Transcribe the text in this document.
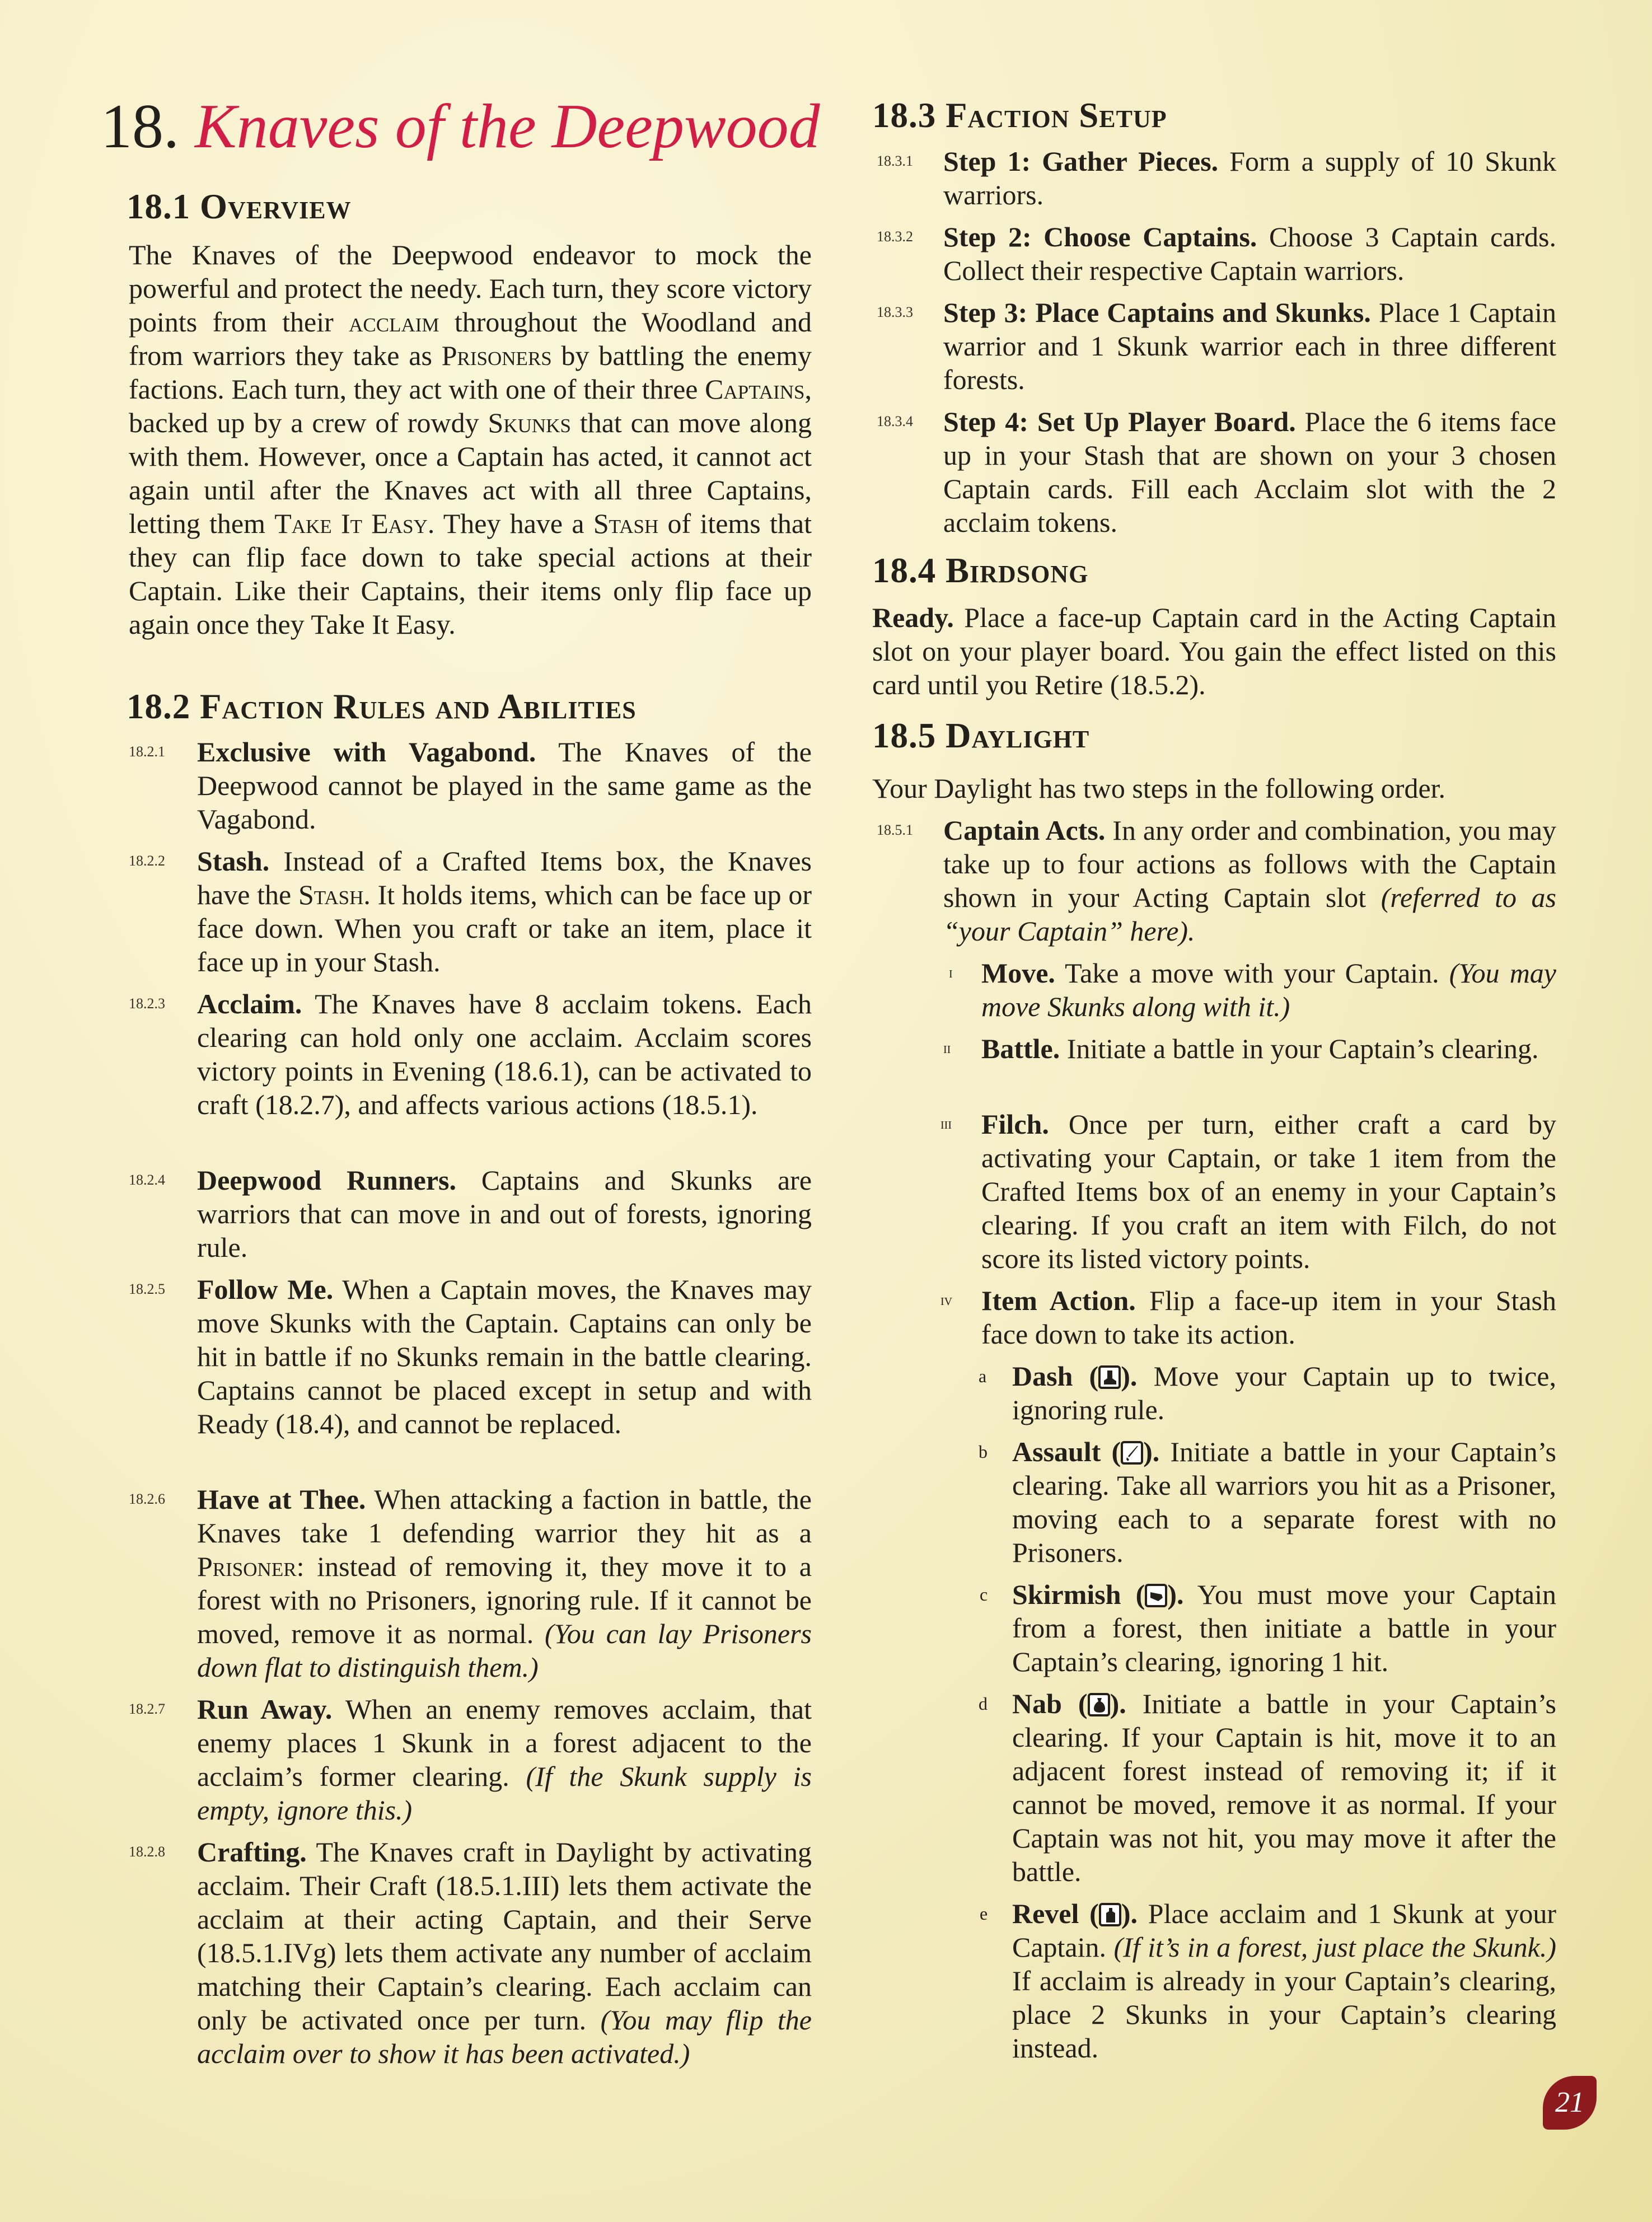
18. Knaves of the Deepwood
18.1 Overview

The Knaves of the Deepwood endeavor to mock the powerful and protect the needy. Each turn, they score victory points from their acclaim throughout the Woodland and from warriors they take as Prisoners by battling the enemy factions. Each turn, they act with one of their three Captains, backed up by a crew of rowdy Skunks that can move along with them. However, once a Captain has acted, it cannot act again until after the Knaves act with all three Captains, letting them Take It Easy. They have a Stash of items that they can flip face down to take special actions at their Captain. Like their Captains, their items only flip face up again once they Take It Easy.

18.2 Faction Rules and Abilities
18.2.1 Exclusive with Vagabond. The Knaves of the Deepwood cannot be played in the same game as the Vagabond.
18.2.2 Stash. Instead of a Crafted Items box, the Knaves have the Stash. It holds items, which can be face up or face down. When you craft or take an item, place it face up in your Stash.
18.2.3 Acclaim. The Knaves have 8 acclaim tokens. Each clearing can hold only one acclaim. Acclaim scores victory points in Evening (18.6.1), can be activated to craft (18.2.7), and affects various actions (18.5.1).
18.2.4 Deepwood Runners. Captains and Skunks are warriors that can move in and out of forests, ignoring rule.
18.2.5 Follow Me. When a Captain moves, the Knaves may move Skunks with the Captain. Captains can only be hit in battle if no Skunks remain in the battle clearing. Captains cannot be placed except in setup and with Ready (18.4), and cannot be replaced.
18.2.6 Have at Thee. When attacking a faction in battle, the Knaves take 1 defending warrior they hit as a Prisoner: instead of removing it, they move it to a forest with no Prisoners, ignoring rule. If it cannot be moved, remove it as normal. (You can lay Prisoners down flat to distinguish them.)
18.2.7 Run Away. When an enemy removes acclaim, that enemy places 1 Skunk in a forest adjacent to the acclaim’s former clearing. (If the Skunk supply is empty, ignore this.)
18.2.8 Crafting. The Knaves craft in Daylight by activating acclaim. Their Craft (18.5.1.III) lets them activate the acclaim at their acting Captain, and their Serve (18.5.1.IVg) lets them activate any number of acclaim matching their Captain’s clearing. Each acclaim can only be activated once per turn. (You may flip the acclaim over to show it has been activated.)
18.3 Faction Setup
18.3.1 Step 1: Gather Pieces. Form a supply of 10 Skunk warriors.
18.3.2 Step 2: Choose Captains. Choose 3 Captain cards. Collect their respective Captain warriors.
18.3.3 Step 3: Place Captains and Skunks. Place 1 Captain warrior and 1 Skunk warrior each in three different forests.
18.3.4 Step 4: Set Up Player Board. Place the 6 items face up in your Stash that are shown on your 3 chosen Captain cards. Fill each Acclaim slot with the 2 acclaim tokens.
18.4 Birdsong
Ready. Place a face-up Captain card in the Acting Captain slot on your player board. You gain the effect listed on this card until you Retire (18.5.2).
18.5 Daylight
Your Daylight has two steps in the following order.
18.5.1 Captain Acts. In any order and combination, you may take up to four actions as follows with the Captain shown in your Acting Captain slot (referred to as “your Captain” here).
i Move. Take a move with your Captain. (You may move Skunks along with it.)
ii Battle. Initiate a battle in your Captain’s clearing.
iii Filch. Once per turn, either craft a card by activating your Captain, or take 1 item from the Crafted Items box of an enemy in your Captain’s clearing. If you craft an item with Filch, do not score its listed victory points.
iv Item Action. Flip a face-up item in your Stash face down to take its action.
a Dash ( ). Move your Captain up to twice, ignoring rule.
b Assault ( ). Initiate a battle in your Captain’s clearing. Take all warriors you hit as a Prisoner, moving each to a separate forest with no Prisoners.
c Skirmish ( ). You must move your Captain from a forest, then initiate a battle in your Captain’s clearing, ignoring 1 hit.
d Nab ( ). Initiate a battle in your Captain’s clearing. If your Captain is hit, move it to an adjacent forest instead of removing it; if it cannot be moved, remove it as normal. If your Captain was not hit, you may move it after the battle.
e Revel ( ). Place acclaim and 1 Skunk at your Captain. (If it’s in a forest, just place the Skunk.) If acclaim is already in your Captain’s clearing, place 2 Skunks in your Captain’s clearing instead.
21
